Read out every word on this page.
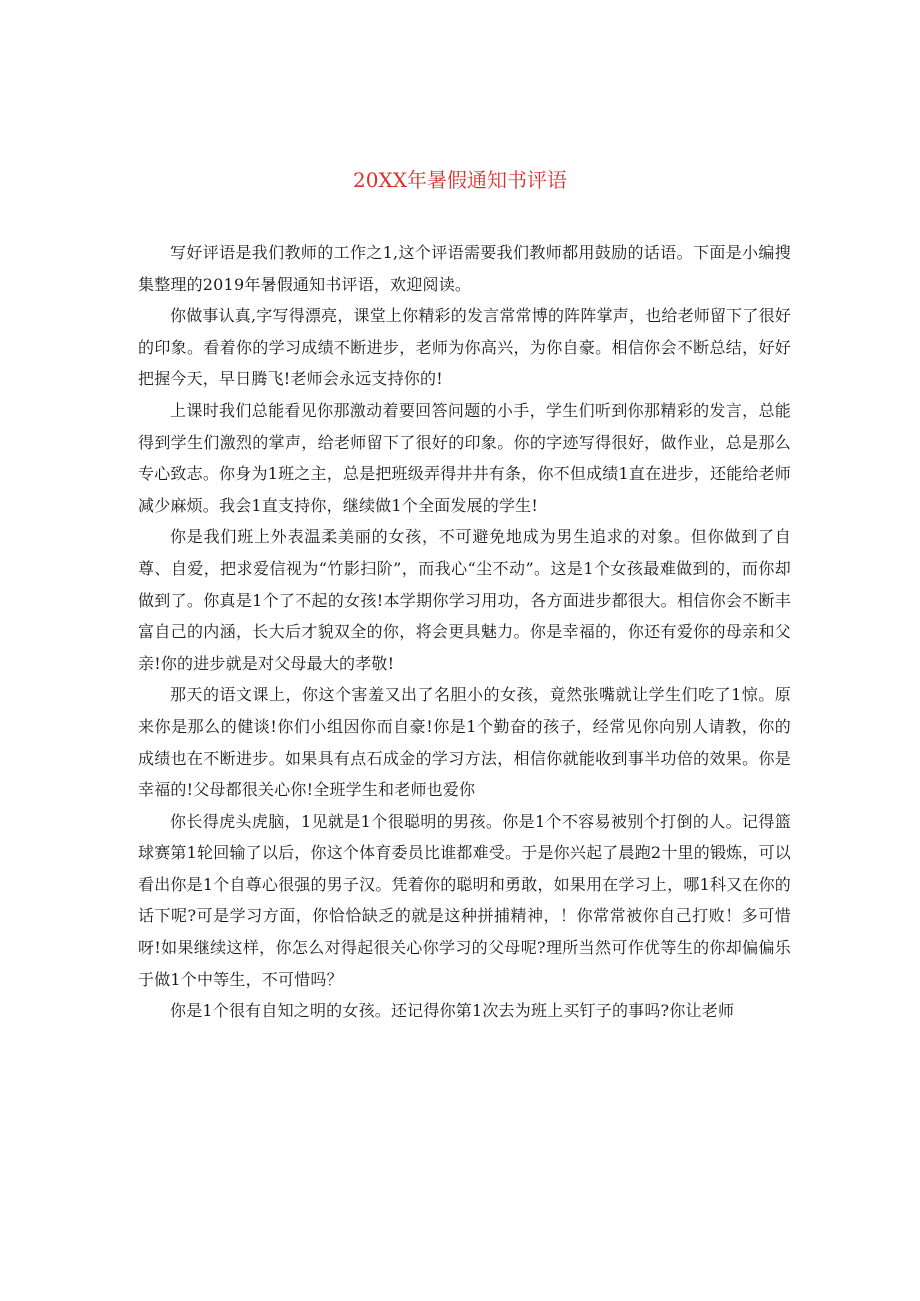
20XX年暑假通知书评语

写好评语是我们教师的工作之1,这个评语需要我们教师都用鼓励的话语。下面是小编搜集整理的2019年暑假通知书评语，欢迎阅读。

你做事认真,字写得漂亮，课堂上你精彩的发言常常博的阵阵掌声，也给老师留下了很好的印象。看着你的学习成绩不断进步，老师为你高兴，为你自豪。相信你会不断总结，好好把握今天，早日腾飞!老师会永远支持你的!

上课时我们总能看见你那激动着要回答问题的小手，学生们听到你那精彩的发言，总能得到学生们激烈的掌声，给老师留下了很好的印象。你的字迹写得很好，做作业，总是那么专心致志。你身为1班之主，总是把班级弄得井井有条，你不但成绩1直在进步，还能给老师减少麻烦。我会1直支持你，继续做1个全面发展的学生!

你是我们班上外表温柔美丽的女孩，不可避免地成为男生追求的对象。但你做到了自尊、自爱，把求爱信视为“竹影扫阶”，而我心“尘不动”。这是1个女孩最难做到的，而你却做到了。你真是1个了不起的女孩!本学期你学习用功，各方面进步都很大。相信你会不断丰富自己的内涵，长大后才貌双全的你，将会更具魅力。你是幸福的，你还有爱你的母亲和父亲!你的进步就是对父母最大的孝敬!

那天的语文课上，你这个害羞又出了名胆小的女孩，竟然张嘴就让学生们吃了1惊。原来你是那么的健谈!你们小组因你而自豪!你是1个勤奋的孩子，经常见你向别人请教，你的成绩也在不断进步。如果具有点石成金的学习方法，相信你就能收到事半功倍的效果。你是幸福的!父母都很关心你!全班学生和老师也爱你

你长得虎头虎脑，1见就是1个很聪明的男孩。你是1个不容易被别个打倒的人。记得篮球赛第1轮回输了以后，你这个体育委员比谁都难受。于是你兴起了晨跑2十里的锻炼，可以看出你是1个自尊心很强的男子汉。凭着你的聪明和勇敢，如果用在学习上，哪1科又在你的话下呢?可是学习方面，你恰恰缺乏的就是这种拼捕精神，！你常常被你自己打败！多可惜呀!如果继续这样，你怎么对得起很关心你学习的父母呢?理所当然可作优等生的你却偏偏乐于做1个中等生，不可惜吗？

你是1个很有自知之明的女孩。还记得你第1次去为班上买钉子的事吗?你让老师
